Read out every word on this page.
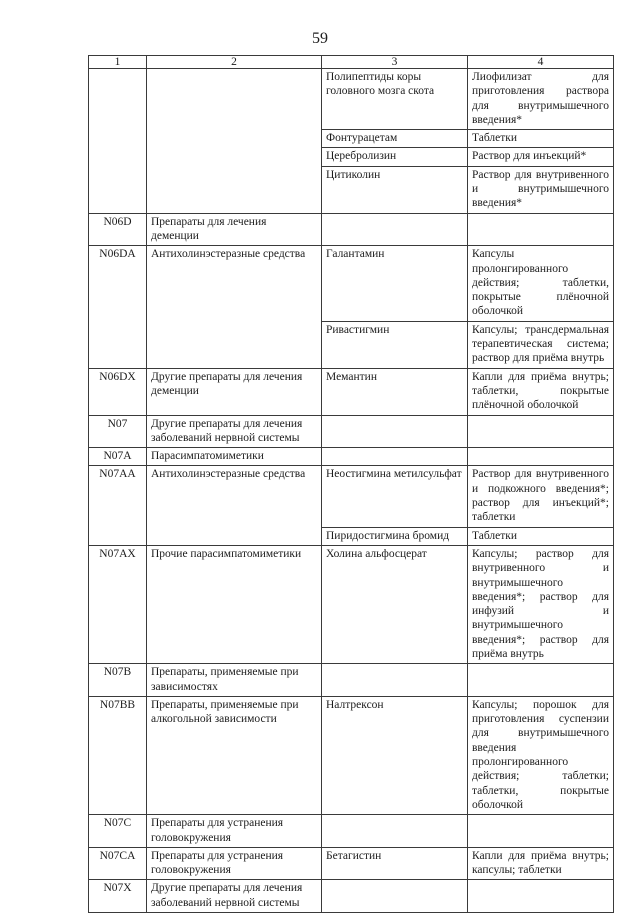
59
1	2	3	4
		Полипептиды коры головного мозга скота	Лиофилизат для приготовления раствора для внутримышечного введения*
		Фонтурацетам	Таблетки
		Церебролизин	Раствор для инъекций*
		Цитиколин	Раствор для внутривенного и внутримышечного введения*
N06D	Препараты для лечения деменции		
N06DA	Антихолинэстеразные средства	Галантамин	Капсулы пролонгированного действия; таблетки, покрытые плёночной оболочкой
		Ривастигмин	Капсулы; трансдермальная терапевтическая система; раствор для приёма внутрь
N06DX	Другие препараты для лечения деменции	Мемантин	Капли для приёма внутрь; таблетки, покрытые плёночной оболочкой
N07	Другие препараты для лечения заболеваний нервной системы		
N07A	Парасимпатомиметики		
N07AA	Антихолинэстеразные средства	Неостигмина метилсульфат	Раствор для внутривенного и подкожного введения*; раствор для инъекций*; таблетки
		Пиридостигмина бромид	Таблетки
N07AX	Прочие парасимпатомиметики	Холина альфосцерат	Капсулы; раствор для внутривенного и внутримышечного введения*; раствор для инфузий и внутримышечного введения*; раствор для приёма внутрь
N07B	Препараты, применяемые при зависимостях		
N07BB	Препараты, применяемые при алкогольной зависимости	Налтрексон	Капсулы; порошок для приготовления суспензии для внутримышечного введения пролонгированного действия; таблетки; таблетки, покрытые оболочкой
N07C	Препараты для устранения головокружения		
N07CA	Препараты для устранения головокружения	Бетагистин	Капли для приёма внутрь; капсулы; таблетки
N07X	Другие препараты для лечения заболеваний нервной системы		
